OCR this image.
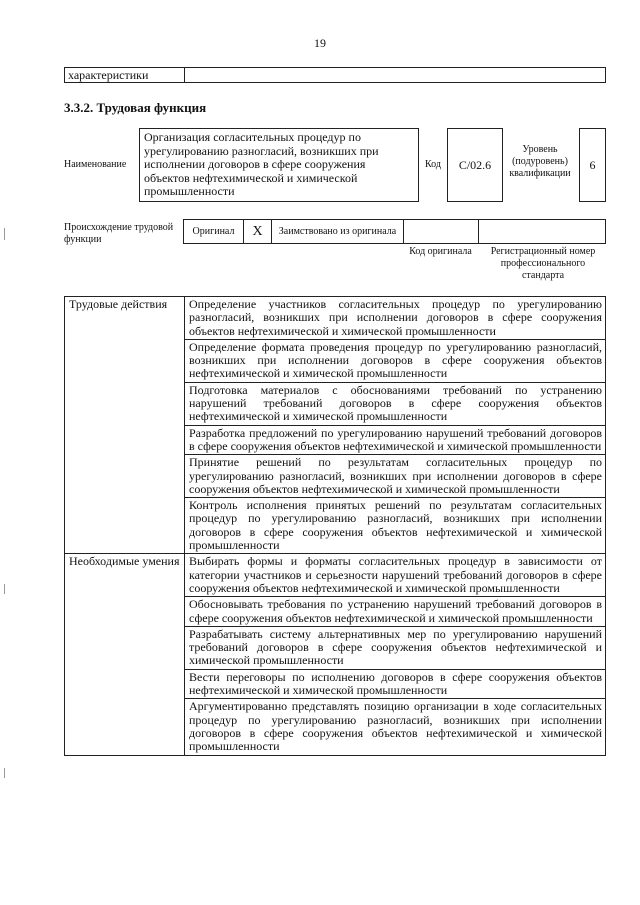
19
характеристики
3.3.2. Трудовая функция
Наименование
Организация согласительных процедур по урегулированию разногласий, возникших при исполнении договоров в сфере сооружения объектов нефтехимической и химической промышленности
Код	C/02.6
Уровень (подуровень) квалификации
6
Происхождение трудовой функции
Оригинал	X	Заимствовано из оригинала
Код оригинала	Регистрационный номер профессионального стандарта
Трудовые действия	Определение участников согласительных процедур по урегулированию разногласий, возникших при исполнении договоров в сфере сооружения объектов нефтехимической и химической промышленности
	Определение формата проведения процедур по урегулированию разногласий, возникших при исполнении договоров в сфере сооружения объектов нефтехимической и химической промышленности
	Подготовка материалов с обоснованиями требований по устранению нарушений требований договоров в сфере сооружения объектов нефтехимической и химической промышленности
	Разработка предложений по урегулированию нарушений требований договоров в сфере сооружения объектов нефтехимической и химической промышленности
	Принятие решений по результатам согласительных процедур по урегулированию разногласий, возникших при исполнении договоров в сфере сооружения объектов нефтехимической и химической промышленности
	Контроль исполнения принятых решений по результатам согласительных процедур по урегулированию разногласий, возникших при исполнении договоров в сфере сооружения объектов нефтехимической и химической промышленности
Необходимые умения	Выбирать формы и форматы согласительных процедур в зависимости от категории участников и серьезности нарушений требований договоров в сфере сооружения объектов нефтехимической и химической промышленности
	Обосновывать требования по устранению нарушений требований договоров в сфере сооружения объектов нефтехимической и химической промышленности
	Разрабатывать систему альтернативных мер по урегулированию нарушений требований договоров в сфере сооружения объектов нефтехимической и химической промышленности
	Вести переговоры по исполнению договоров в сфере сооружения объектов нефтехимической и химической промышленности
	Аргументированно представлять позицию организации в ходе согласительных процедур по урегулированию разногласий, возникших при исполнении договоров в сфере сооружения объектов нефтехимической и химической промышленности
